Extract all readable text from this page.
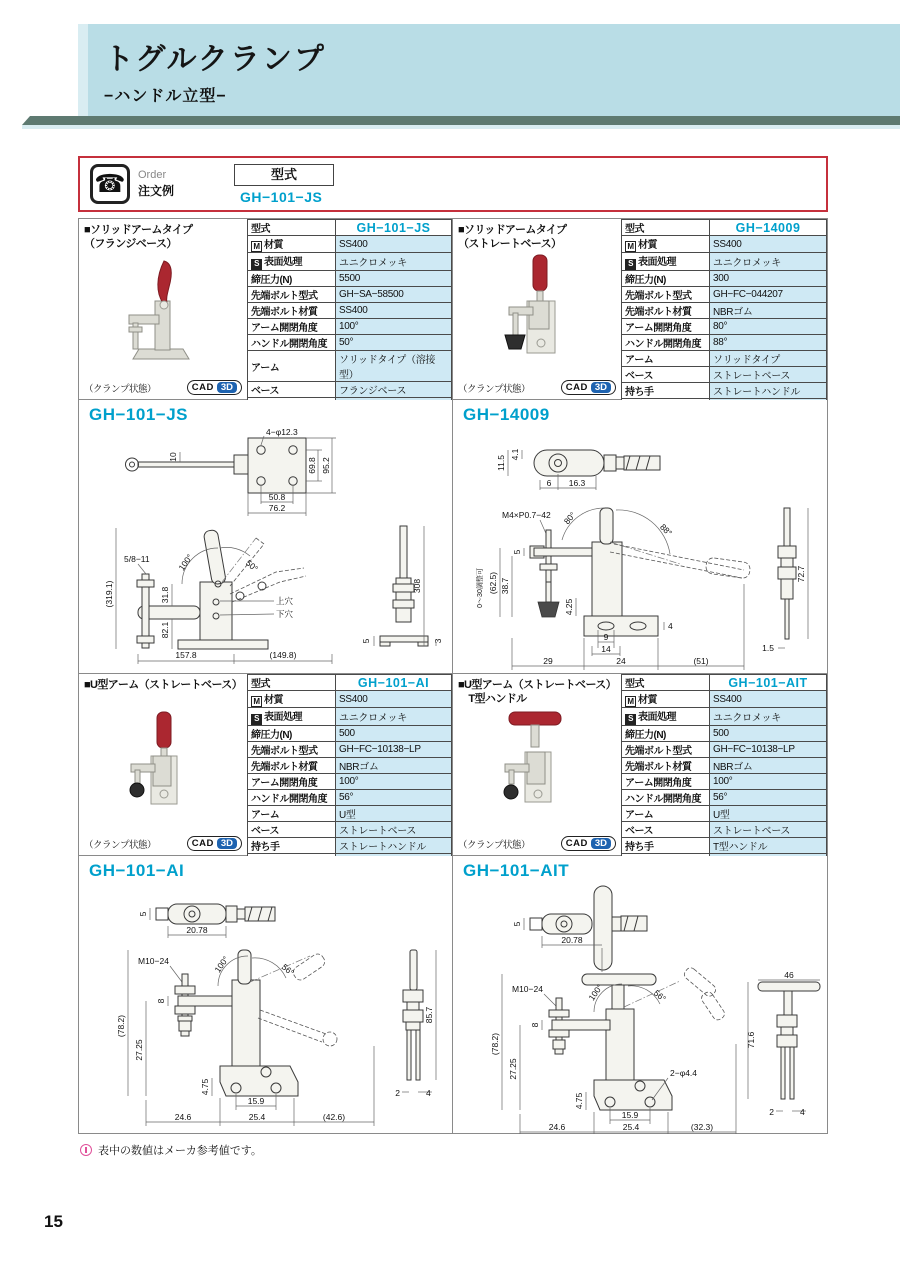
トグルクランプ
−ハンドル立型−
☎	Order
注文例
型式
GH−101−JS
■ソリッドアームタイプ
（フランジベース）
（クランプ状態）	CAD 3D
型式	GH−101−JS
M 材質	SS400
S 表面処理	ユニクロメッキ
締圧力(N)	5500
先端ボルト型式	GH−SA−58500
先端ボルト材質	SS400
アーム開閉角度	100°
ハンドル開閉角度	50°
アーム	ソリッドタイプ（溶接型）
ベース	フランジベース

■ソリッドアームタイプ
（ストレートベース）
（クランプ状態）	CAD 3D
型式	GH−14009
M 材質	SS400
S 表面処理	ユニクロメッキ
締圧力(N)	300
先端ボルト型式	GH−FC−044207
先端ボルト材質	NBRゴム
アーム開閉角度	80°
ハンドル開閉角度	88°
アーム	ソリッドタイプ
ベース	ストレートベース
持ち手	ストレートハンドル

GH−101−JS
4−φ12.3
10
69.8 95.2
50.8
76.2
100°	50°
5/8−11
(319.1)	31.8
82.1
上穴
下穴
157.8	(149.8)
308
5	3
GH−14009
4.1
11.5
6 16.3
M4×P0.7−42 80°
88°
5
(62.5) 38.7
0～30調整可	4.25
9
14
4
29	24	(51)
72.7
1.5
■U型アーム（ストレートベース）
（クランプ状態）	CAD 3D
型式	GH−101−AI
M 材質	SS400
S 表面処理	ユニクロメッキ
締圧力(N)	500
先端ボルト型式	GH−FC−10138−LP
先端ボルト材質	NBRゴム
アーム開閉角度	100°
ハンドル開閉角度	56°
アーム	U型
ベース	ストレートベース
持ち手	ストレートハンドル

■U型アーム（ストレートベース）
　T型ハンドル
（クランプ状態）	CAD 3D
型式	GH−101−AIT
M 材質	SS400
S 表面処理	ユニクロメッキ
締圧力(N)	500
先端ボルト型式	GH−FC−10138−LP
先端ボルト材質	NBRゴム
アーム開閉角度	100°
ハンドル開閉角度	56°
アーム	U型
ベース	ストレートベース
持ち手	T型ハンドル

GH−101−AI
5
20.78
M10−24	100°	56°
(78.2)
8
27.25
4.75
15.9
24.6	25.4	(42.6)
85.7
2	4
GH−101−AIT
5
20.78
M10−24
2−φ4.4
100°	56°
(78.2)
8
27.25
4.75
15.9
24.6	25.4	(32.3)
46
71.6
2	4
表中の数値はメーカ参考値です。
15
